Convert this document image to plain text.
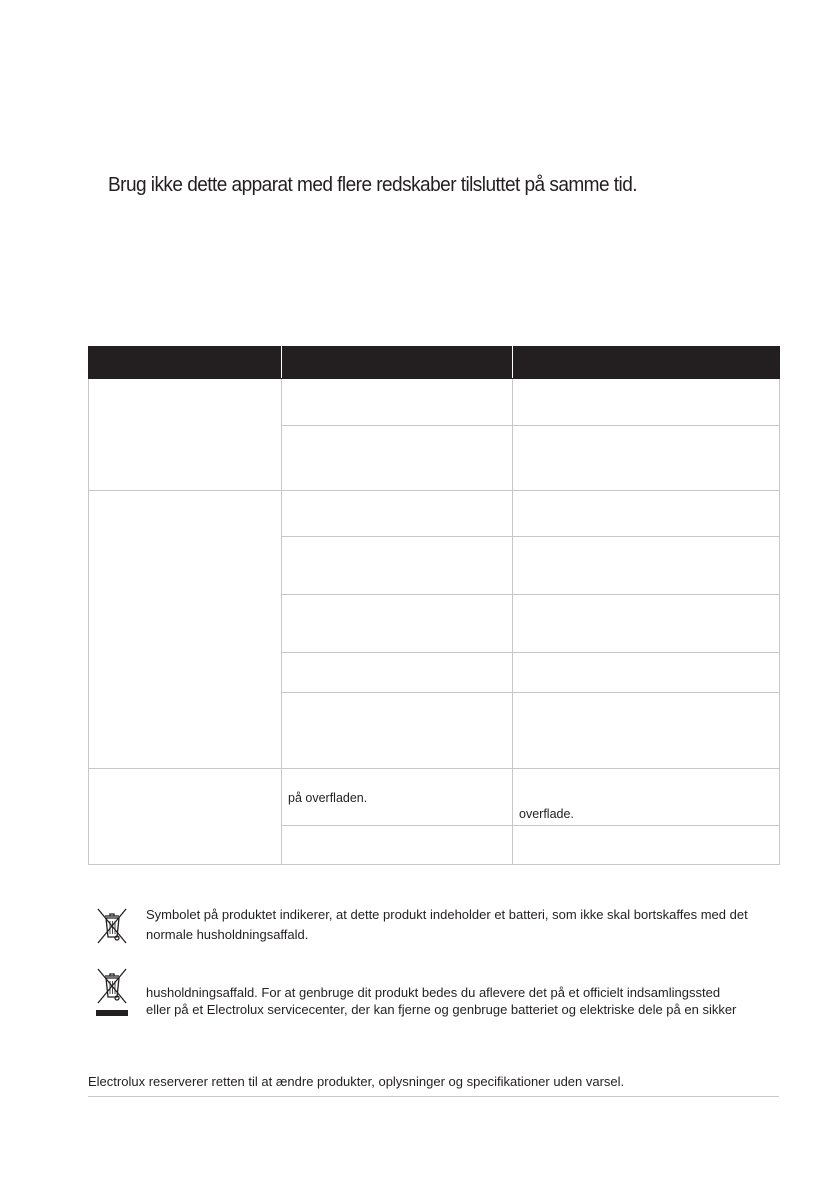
Brug ikke dette apparat med flere redskaber tilsluttet på samme tid.

	på overfladen.	overflade.

Symbolet på produktet indikerer, at dette produkt indeholder et batteri, som ikke skal bortskaffes med det

normale husholdningsaffald.

husholdningsaffald. For at genbruge dit produkt bedes du aflevere det på et officielt indsamlingssted

eller på et Electrolux servicecenter, der kan fjerne og genbruge batteriet og elektriske dele på en sikker

Electrolux reserverer retten til at ændre produkter, oplysninger og specifikationer uden varsel.
